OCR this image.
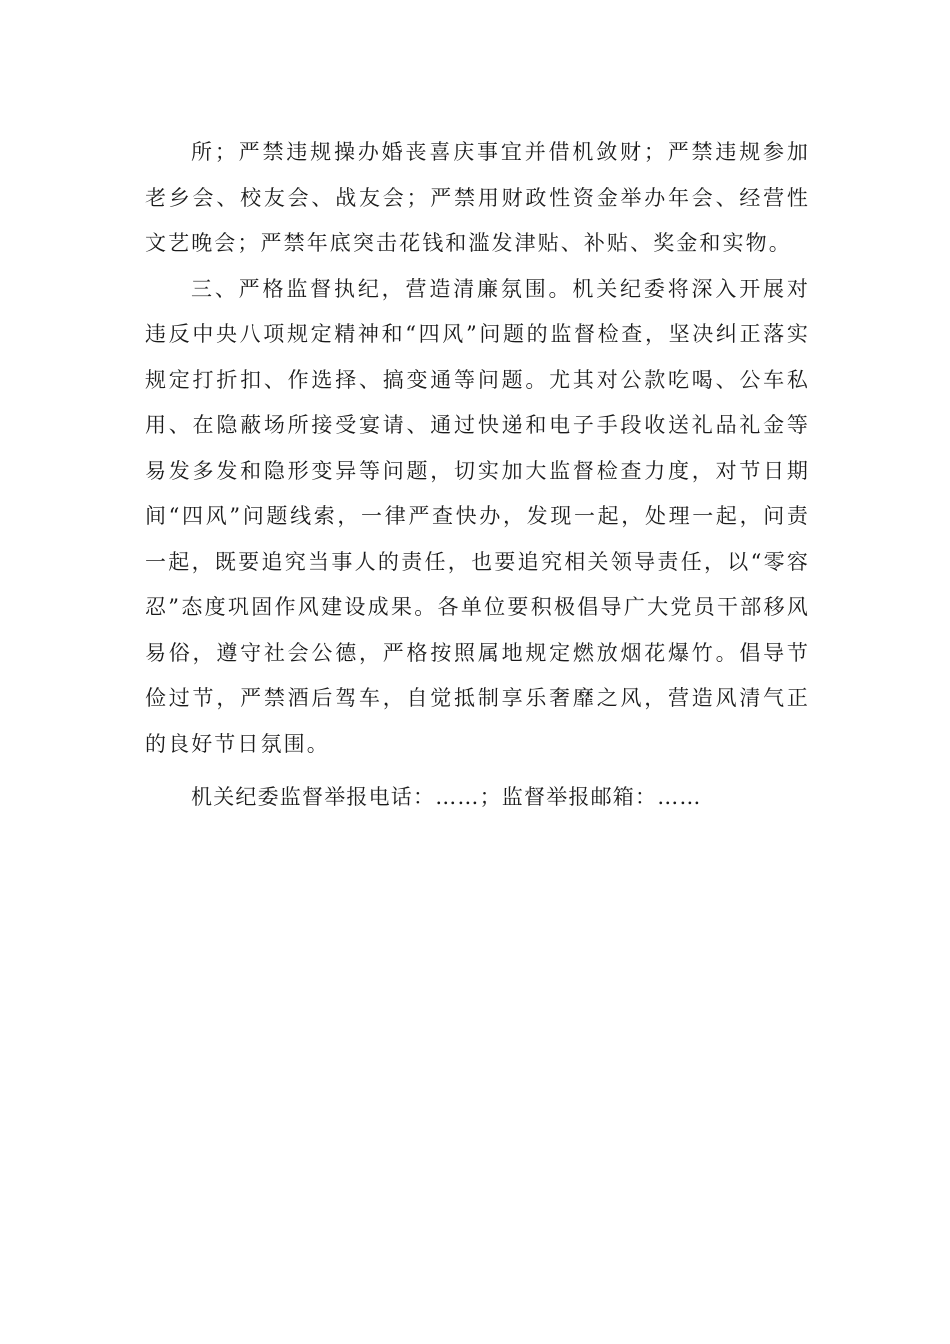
所；严禁违规操办婚丧喜庆事宜并借机敛财；严禁违规参加老乡会、校友会、战友会；严禁用财政性资金举办年会、经营性文艺晚会；严禁年底突击花钱和滥发津贴、补贴、奖金和实物。

三、严格监督执纪，营造清廉氛围。机关纪委将深入开展对违反中央八项规定精神和“四风”问题的监督检查，坚决纠正落实规定打折扣、作选择、搞变通等问题。尤其对公款吃喝、公车私用、在隐蔽场所接受宴请、通过快递和电子手段收送礼品礼金等易发多发和隐形变异等问题，切实加大监督检查力度，对节日期间“四风”问题线索，一律严查快办，发现一起，处理一起，问责一起，既要追究当事人的责任，也要追究相关领导责任，以“零容忍”态度巩固作风建设成果。各单位要积极倡导广大党员干部移风易俗，遵守社会公德，严格按照属地规定燃放烟花爆竹。倡导节俭过节，严禁酒后驾车，自觉抵制享乐奢靡之风，营造风清气正的良好节日氛围。

机关纪委监督举报电话：……；监督举报邮箱：……
